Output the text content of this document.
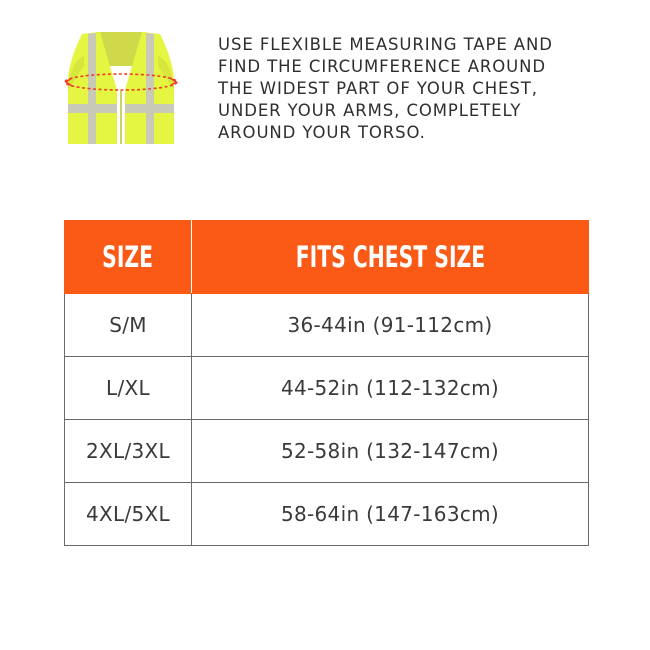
USE FLEXIBLE MEASURING TAPE AND
FIND THE CIRCUMFERENCE AROUND
THE WIDEST PART OF YOUR CHEST,
UNDER YOUR ARMS, COMPLETELY
AROUND YOUR TORSO.
SIZE	FITS CHEST SIZE
S/M	36-44in (91-112cm)
L/XL	44-52in (112-132cm)
2XL/3XL	52-58in (132-147cm)
4XL/5XL	58-64in (147-163cm)
